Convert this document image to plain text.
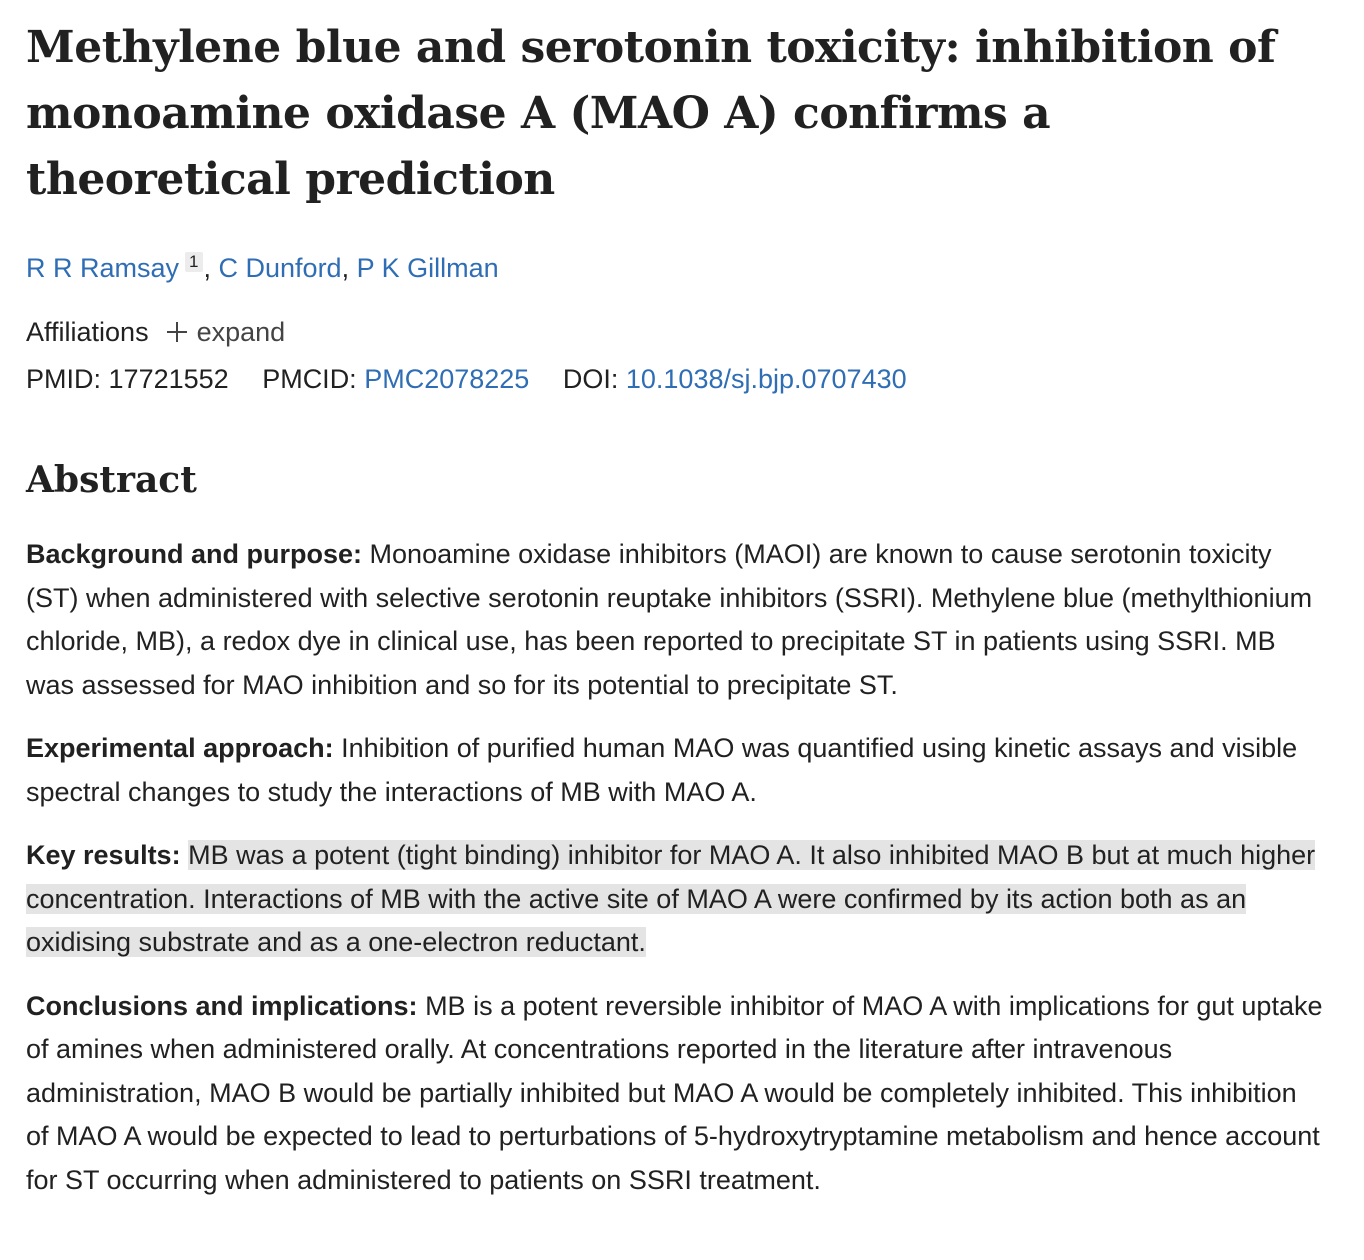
Methylene blue and serotonin toxicity: inhibition of monoamine oxidase A (MAO A) confirms a theoretical prediction
R R Ramsay 1 , C Dunford, P K Gillman
Affiliations expand
PMID: 17721552 PMCID: PMC2078225 DOI: 10.1038/sj.bjp.0707430
Abstract

Background and purpose: Monoamine oxidase inhibitors (MAOI) are known to cause serotonin toxicity (ST) when administered with selective serotonin reuptake inhibitors (SSRI). Methylene blue (methylthionium chloride, MB), a redox dye in clinical use, has been reported to precipitate ST in patients using SSRI. MB was assessed for MAO inhibition and so for its potential to precipitate ST.

Experimental approach: Inhibition of purified human MAO was quantified using kinetic assays and visible spectral changes to study the interactions of MB with MAO A.

Key results: MB was a potent (tight binding) inhibitor for MAO A. It also inhibited MAO B but at much higher concentration. Interactions of MB with the active site of MAO A were confirmed by its action both as an oxidising substrate and as a one-electron reductant.

Conclusions and implications: MB is a potent reversible inhibitor of MAO A with implications for gut uptake of amines when administered orally. At concentrations reported in the literature after intravenous administration, MAO B would be partially inhibited but MAO A would be completely inhibited. This inhibition of MAO A would be expected to lead to perturbations of 5-hydroxytryptamine metabolism and hence account for ST occurring when administered to patients on SSRI treatment.
